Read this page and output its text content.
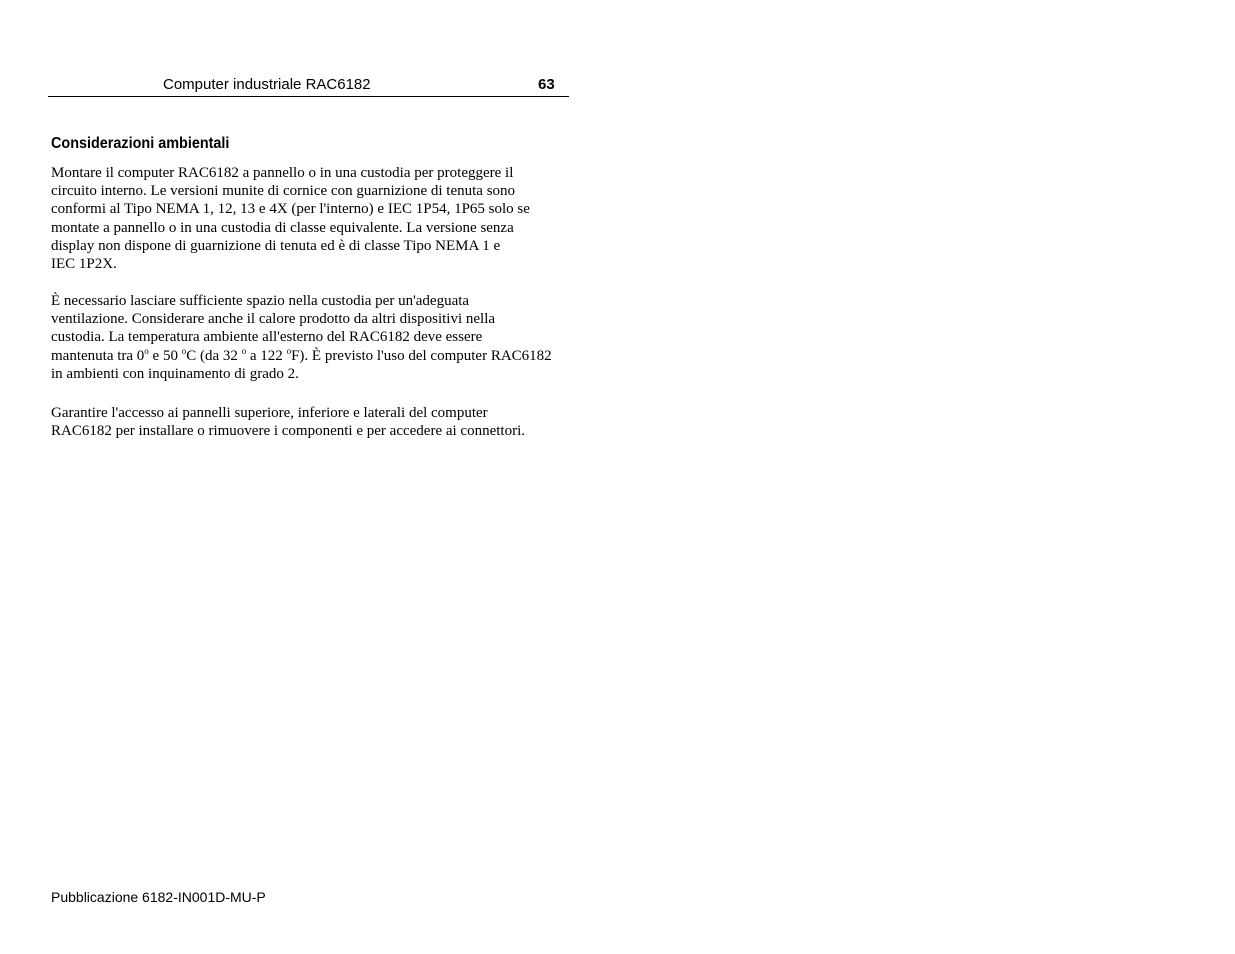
Computer industriale RAC6182	63
Considerazioni ambientali
Montare il computer RAC6182 a pannello o in una custodia per proteggere il
circuito interno. Le versioni munite di cornice con guarnizione di tenuta sono
conformi al Tipo NEMA 1, 12, 13 e 4X (per l'interno) e IEC 1P54, 1P65 solo se
montate a pannello o in una custodia di classe equivalente. La versione senza
display non dispone di guarnizione di tenuta ed è di classe Tipo NEMA 1 e
IEC 1P2X.
È necessario lasciare sufficiente spazio nella custodia per un'adeguata
ventilazione. Considerare anche il calore prodotto da altri dispositivi nella
custodia. La temperatura ambiente all'esterno del RAC6182 deve essere
mantenuta tra 0$^o$ e 50 $^o$C (da 32 $^o$ a 122 $^o$F). È previsto l'uso del computer RAC6182
in ambienti con inquinamento di grado 2.
Garantire l'accesso ai pannelli superiore, inferiore e laterali del computer
RAC6182 per installare o rimuovere i componenti e per accedere ai connettori.
Pubblicazione 6182-IN001D-MU-P
